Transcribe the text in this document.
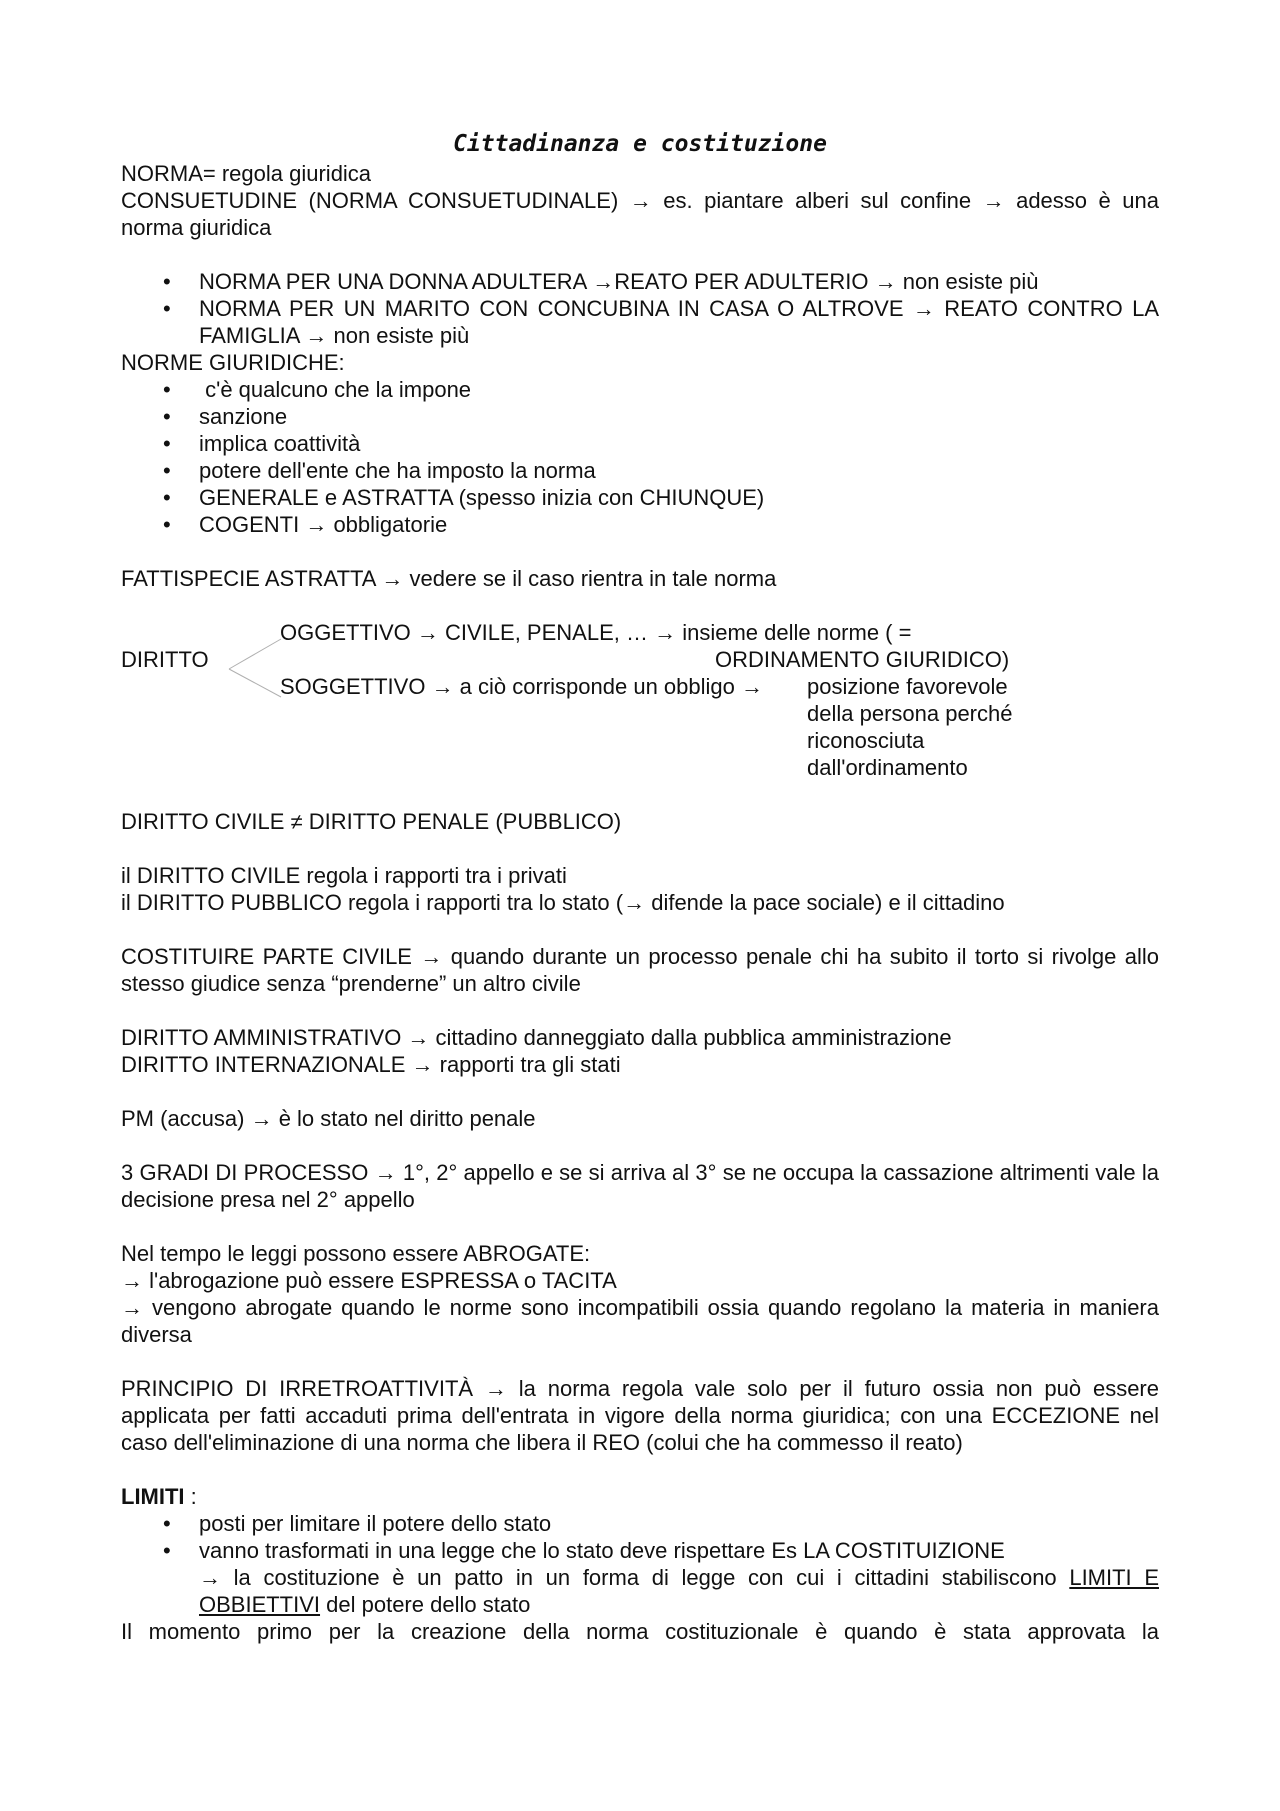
Cittadinanza e costituzione

NORMA= regola giuridica

CONSUETUDINE (NORMA CONSUETUDINALE) → es. piantare alberi sul confine → adesso è una norma giuridica

• NORMA PER UNA DONNA ADULTERA →REATO PER ADULTERIO → non esiste più
• NORMA PER UN MARITO CON CONCUBINA IN CASA O ALTROVE → REATO CONTRO LA FAMIGLIA → non esiste più

NORME GIURIDICHE:

•  c'è qualcuno che la impone
• sanzione
• implica coattività
• potere dell'ente che ha imposto la norma
• GENERALE e ASTRATTA (spesso inizia con CHIUNQUE)
• COGENTI → obbligatorie

FATTISPECIE ASTRATTA → vedere se il caso rientra in tale norma

DIRITTO
OGGETTIVO → CIVILE, PENALE, … → insieme delle norme ( =
ORDINAMENTO GIURIDICO)
SOGGETTIVO → a ciò corrisponde un obbligo → posizione favorevole
della persona perché
riconosciuta
dall'ordinamento

DIRITTO CIVILE ≠ DIRITTO PENALE (PUBBLICO)

il DIRITTO CIVILE regola i rapporti tra i privati

il DIRITTO PUBBLICO regola i rapporti tra lo stato (→ difende la pace sociale) e il cittadino

COSTITUIRE PARTE CIVILE → quando durante un processo penale chi ha subito il torto si rivolge allo stesso giudice senza “prenderne” un altro civile

DIRITTO AMMINISTRATIVO → cittadino danneggiato dalla pubblica amministrazione

DIRITTO INTERNAZIONALE → rapporti tra gli stati

PM (accusa) → è lo stato nel diritto penale

3 GRADI DI PROCESSO → 1°, 2° appello e se si arriva al 3° se ne occupa la cassazione altrimenti vale la decisione presa nel 2° appello

Nel tempo le leggi possono essere ABROGATE:

→ l'abrogazione può essere ESPRESSA o TACITA

→ vengono abrogate quando le norme sono incompatibili ossia quando regolano la materia in maniera diversa

PRINCIPIO DI IRRETROATTIVITÀ → la norma regola vale solo per il futuro ossia non può essere applicata per fatti accaduti prima dell'entrata in vigore della norma giuridica; con una ECCEZIONE nel caso dell'eliminazione di una norma che libera il REO (colui che ha commesso il reato)

LIMITI :

• posti per limitare il potere dello stato
• vanno trasformati in una legge che lo stato deve rispettare Es LA COSTITUIZIONE

→ la costituzione è un patto in un forma di legge con cui i cittadini stabiliscono LIMITI E OBBIETTIVI del potere dello stato

Il momento primo per la creazione della norma costituzionale è quando è stata approvata la
